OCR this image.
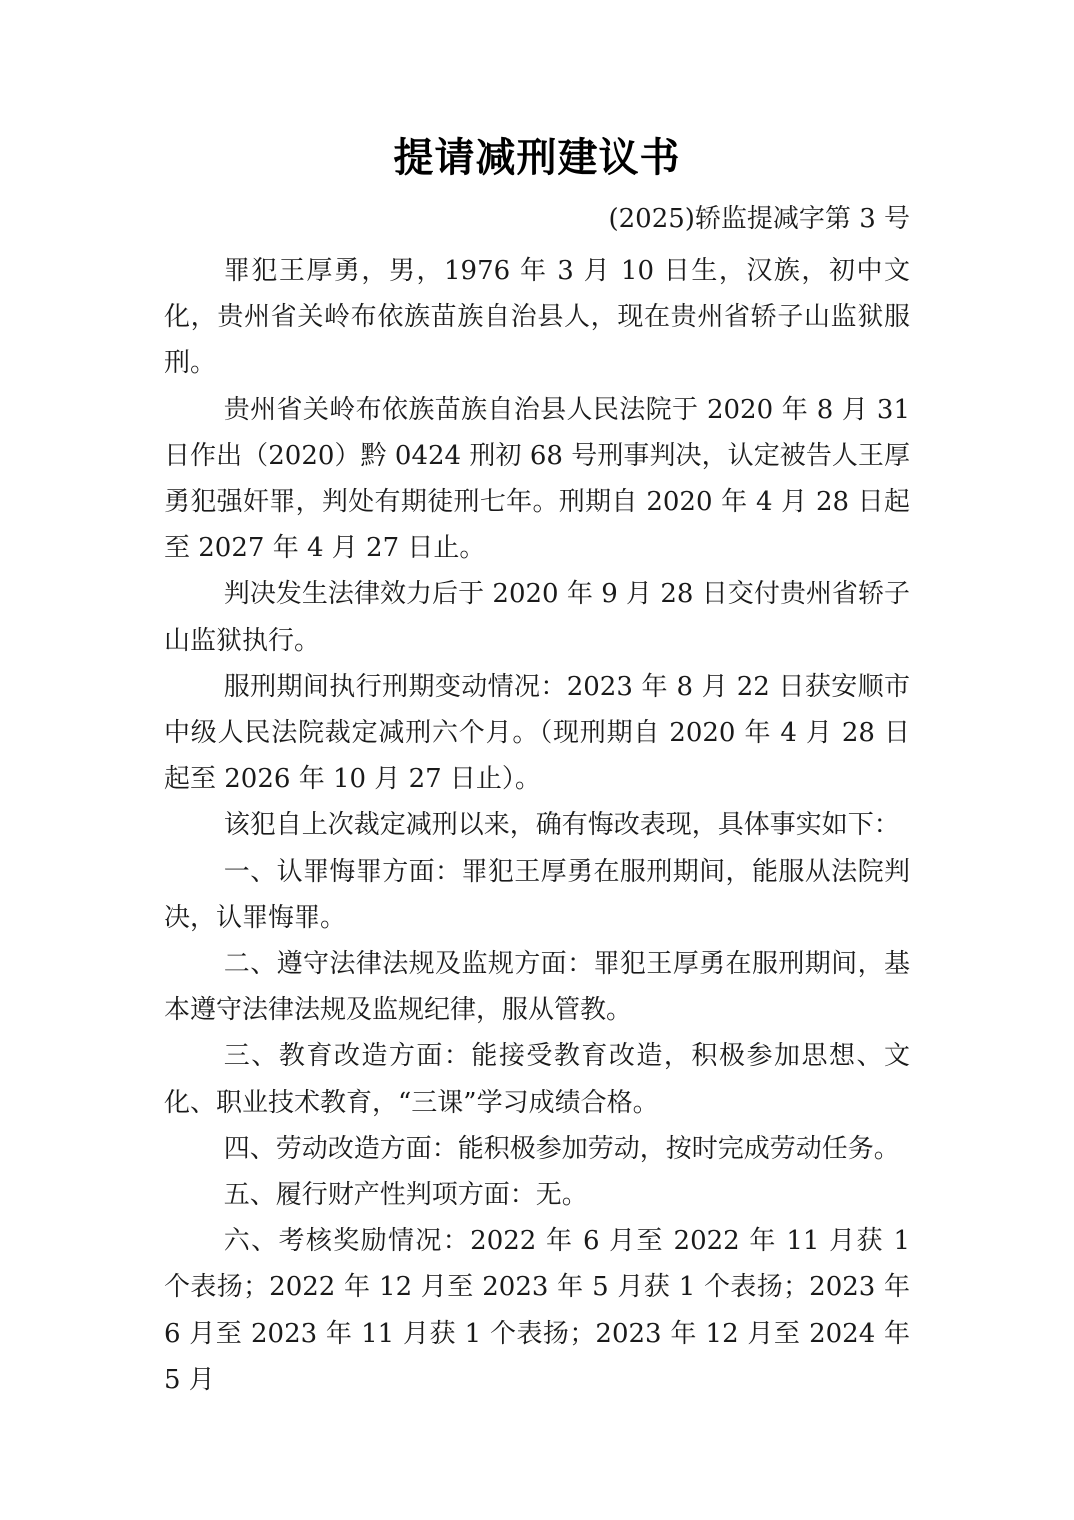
提请减刑建议书
(2025)轿监提减字第 3 号

罪犯王厚勇，男，1976 年 3 月 10 日生，汉族，初中文化，贵州省关岭布依族苗族自治县人，现在贵州省轿子山监狱服刑。

贵州省关岭布依族苗族自治县人民法院于 2020 年 8 月 31 日作出（2020）黔 0424 刑初 68 号刑事判决，认定被告人王厚勇犯强奸罪，判处有期徒刑七年。刑期自 2020 年 4 月 28 日起至 2027 年 4 月 27 日止。

判决发生法律效力后于 2020 年 9 月 28 日交付贵州省轿子山监狱执行。

服刑期间执行刑期变动情况：2023 年 8 月 22 日获安顺市中级人民法院裁定减刑六个月。（现刑期自 2020 年 4 月 28 日起至 2026 年 10 月 27 日止）。

该犯自上次裁定减刑以来，确有悔改表现，具体事实如下：

一、认罪悔罪方面：罪犯王厚勇在服刑期间，能服从法院判决，认罪悔罪。

二、遵守法律法规及监规方面：罪犯王厚勇在服刑期间，基本遵守法律法规及监规纪律，服从管教。

三、教育改造方面：能接受教育改造，积极参加思想、文化、职业技术教育，“三课”学习成绩合格。

四、劳动改造方面：能积极参加劳动，按时完成劳动任务。

五、履行财产性判项方面：无。

六、考核奖励情况：2022 年 6 月至 2022 年 11 月获 1 个表扬；2022 年 12 月至 2023 年 5 月获 1 个表扬；2023 年 6 月至 2023 年 11 月获 1 个表扬；2023 年 12 月至 2024 年 5 月
